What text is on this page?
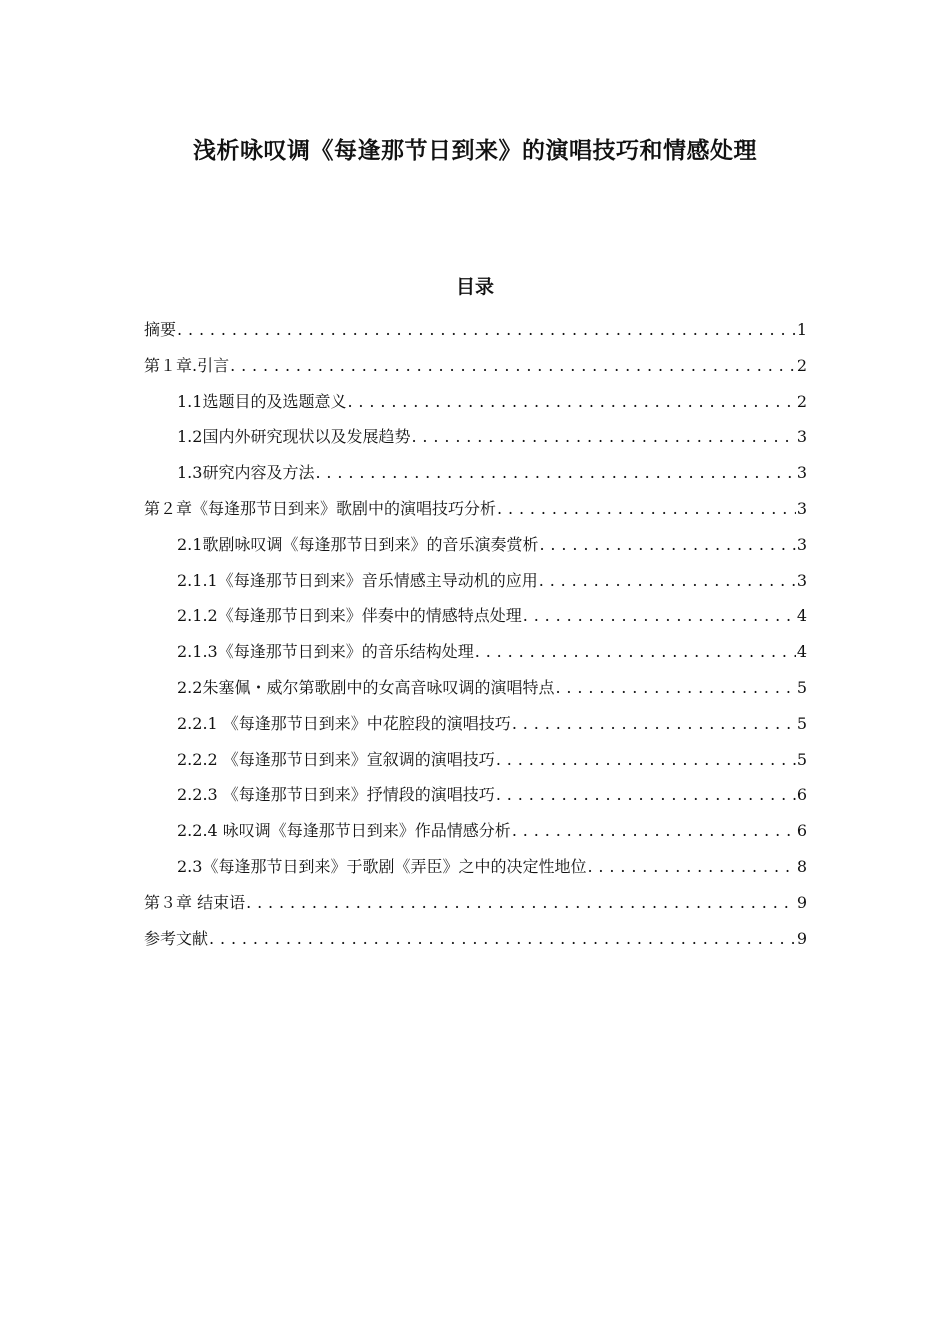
浅析咏叹调《每逢那节日到来》的演唱技巧和情感处理
目录
摘要 . . .	1
第１章.引言 . . .	2
1.1选题目的及选题意义 . . .	2
1.2国内外研究现状以及发展趋势 . . .	3
1.3研究内容及方法 . . .	3
第２章《每逢那节日到来》歌剧中的演唱技巧分析 . . .	3
2.1歌剧咏叹调《每逢那节日到来》的音乐演奏赏析 . . .	3
2.1.1《每逢那节日到来》音乐情感主导动机的应用 . . .	3
2.1.2《每逢那节日到来》伴奏中的情感特点处理 . . .	4
2.1.3《每逢那节日到来》的音乐结构处理 . . .	4
2.2朱塞佩・威尔第歌剧中的女高音咏叹调的演唱特点 . . .	5
2.2.1 《每逢那节日到来》中花腔段的演唱技巧 . . .	5
2.2.2 《每逢那节日到来》宣叙调的演唱技巧 . . .	5
2.2.3 《每逢那节日到来》抒情段的演唱技巧 . . .	6
2.2.4 咏叹调《每逢那节日到来》作品情感分析 . . .	6
2.3《每逢那节日到来》于歌剧《弄臣》之中的决定性地位 . . .	8
第３章 结束语 . . .	9
参考文献 . . .	9
